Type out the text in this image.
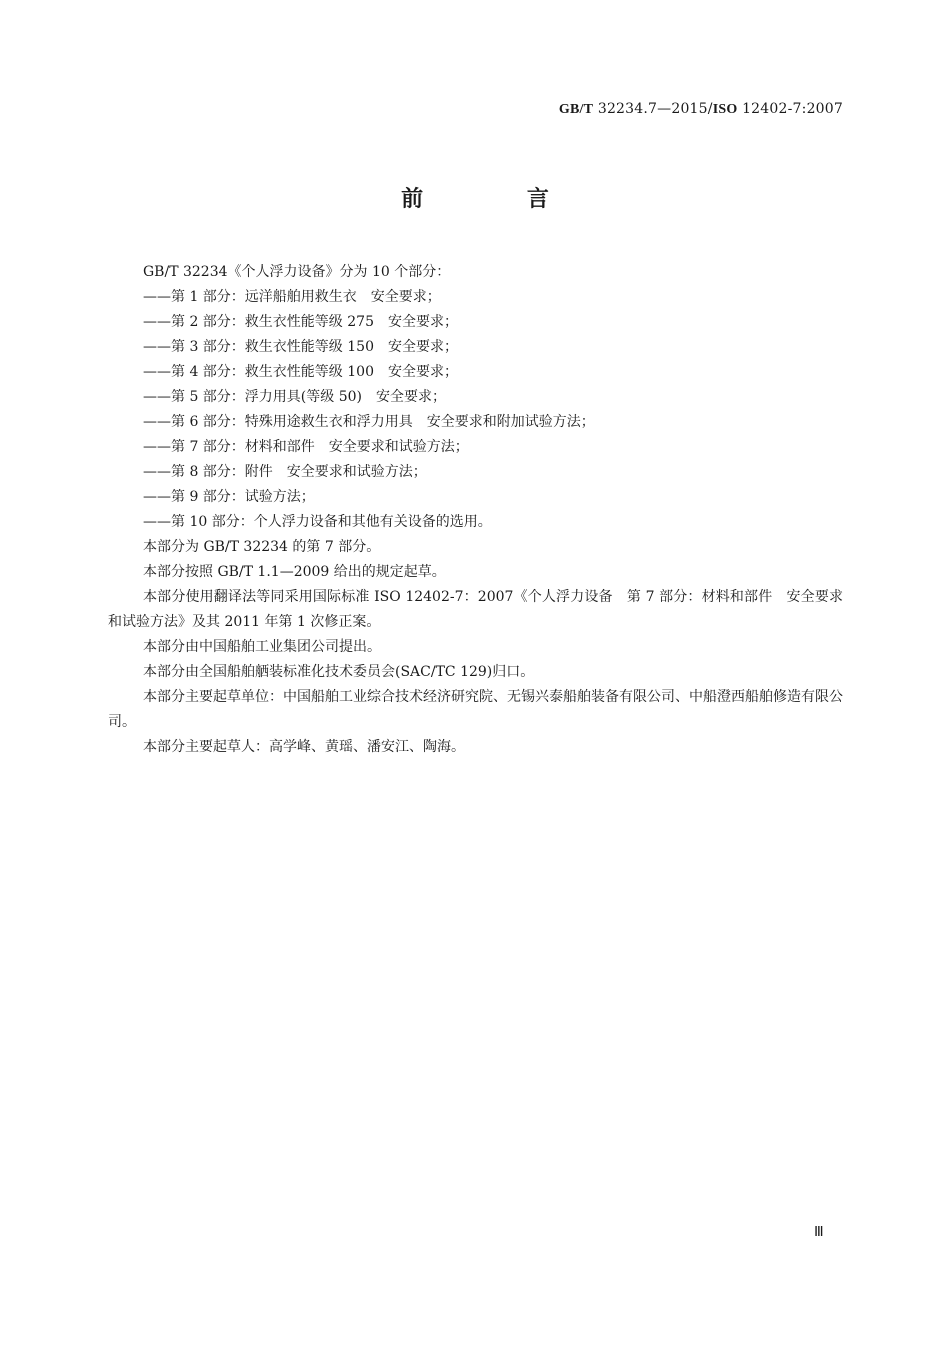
GB/T 32234.7—2015/ISO 12402-7:2007
前 言
GB/T 32234《个人浮力设备》分为 10 个部分：
——第 1 部分：远洋船舶用救生衣　安全要求；
——第 2 部分：救生衣性能等级 275　安全要求；
——第 3 部分：救生衣性能等级 150　安全要求；
——第 4 部分：救生衣性能等级 100　安全要求；
——第 5 部分：浮力用具(等级 50)　安全要求；
——第 6 部分：特殊用途救生衣和浮力用具　安全要求和附加试验方法；
——第 7 部分：材料和部件　安全要求和试验方法；
——第 8 部分：附件　安全要求和试验方法；
——第 9 部分：试验方法；
——第 10 部分：个人浮力设备和其他有关设备的选用。
本部分为 GB/T 32234 的第 7 部分。
本部分按照 GB/T 1.1—2009 给出的规定起草。
本部分使用翻译法等同采用国际标准 ISO 12402-7：2007《个人浮力设备　第 7 部分：材料和部件　安全要求和试验方法》及其 2011 年第 1 次修正案。
本部分由中国船舶工业集团公司提出。
本部分由全国船舶舾装标准化技术委员会(SAC/TC 129)归口。
本部分主要起草单位：中国船舶工业综合技术经济研究院、无锡兴泰船舶装备有限公司、中船澄西船舶修造有限公司。
本部分主要起草人：高学峰、黄瑶、潘安江、陶海。
Ⅲ
